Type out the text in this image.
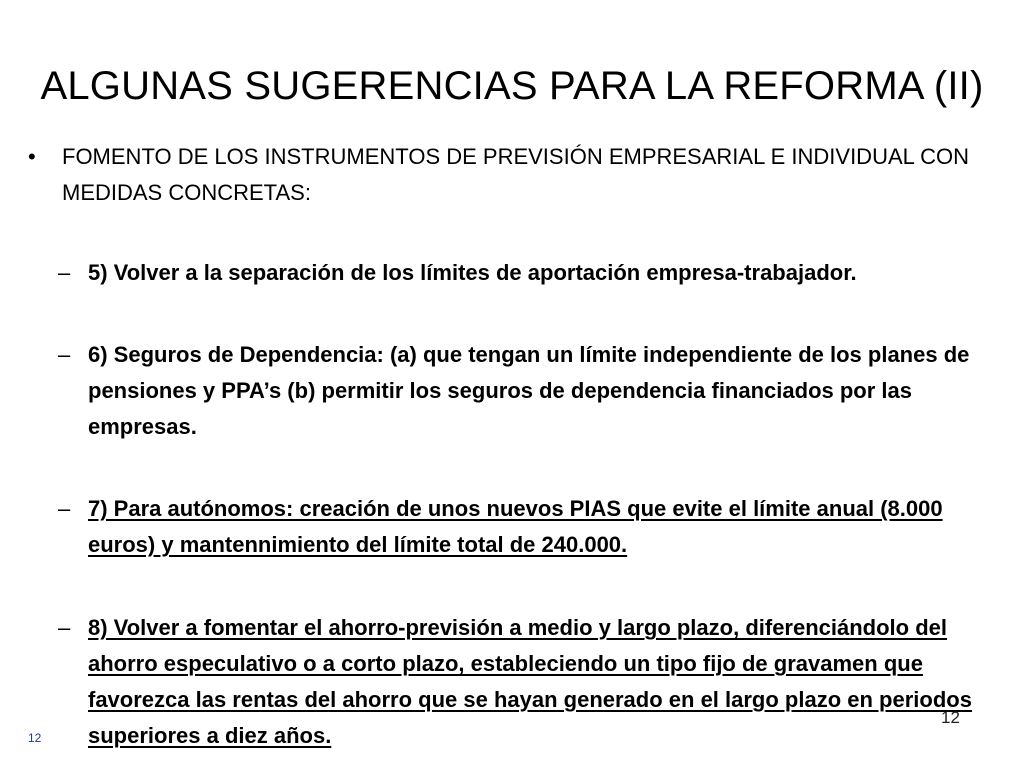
ALGUNAS SUGERENCIAS PARA LA REFORMA (II)
• FOMENTO DE LOS INSTRUMENTOS DE PREVISIÓN EMPRESARIAL E INDIVIDUAL CON MEDIDAS CONCRETAS:
– 5) Volver a la separación de los límites de aportación empresa-trabajador.
– 6) Seguros de Dependencia: (a) que tengan un límite independiente de los planes de pensiones y PPA’s (b) permitir los seguros de dependencia financiados por las empresas.
– 7) Para autónomos: creación de unos nuevos PIAS que evite el límite anual (8.000 euros) y mantennimiento del límite total de 240.000.
– 8) Volver a fomentar el ahorro-previsión a medio y largo plazo, diferenciándolo del ahorro especulativo o a corto plazo, estableciendo un tipo fijo de gravamen que favorezca las rentas del ahorro que se hayan generado en el largo plazo en periodos superiores a diez años.
12
12
